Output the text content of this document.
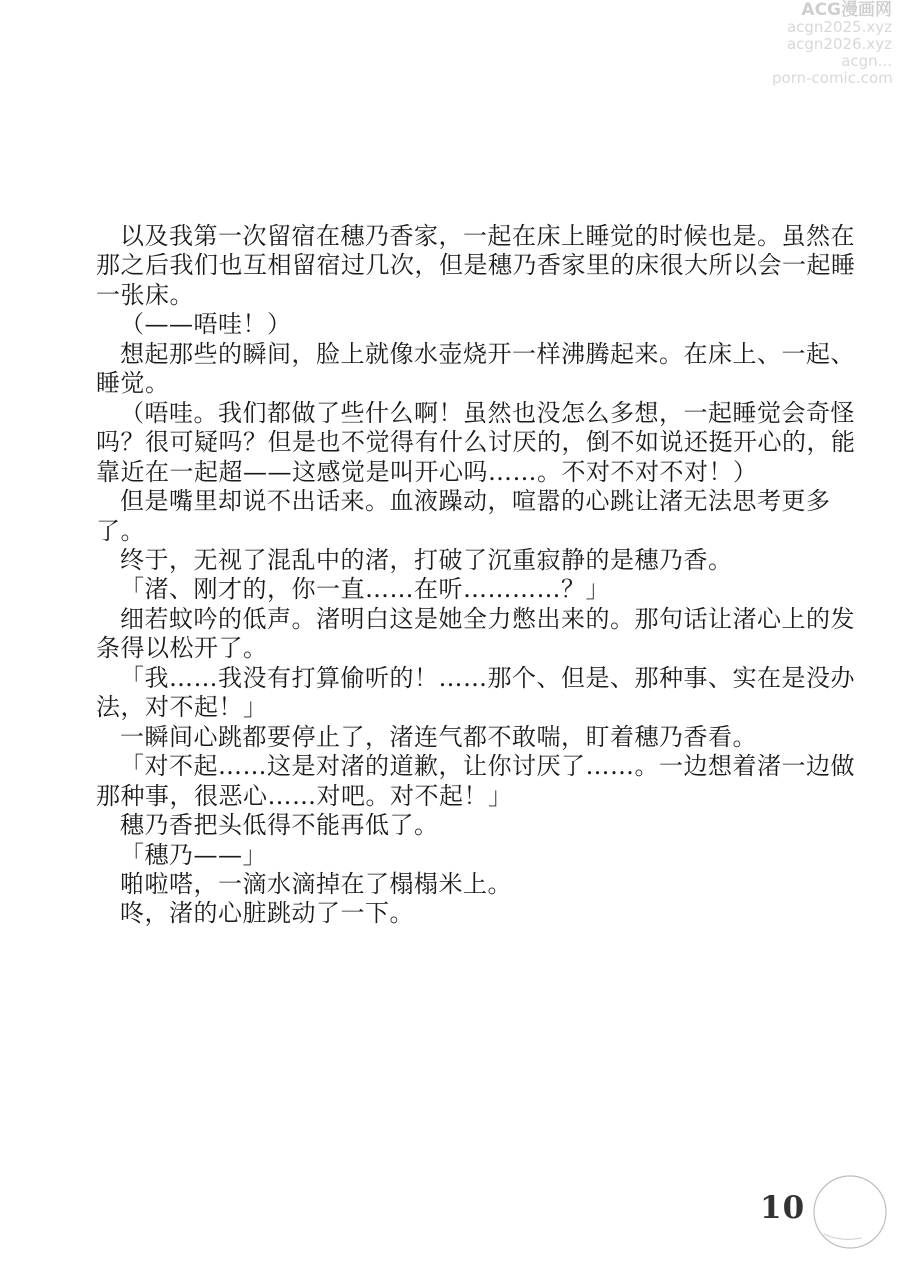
ACG漫画网
acgn2025.xyz
acgn2026.xyz
acgn...
porn-comic.com

以及我第一次留宿在穗乃香家，一起在床上睡觉的时候也是。虽然在那之后我们也互相留宿过几次，但是穗乃香家里的床很大所以会一起睡一张床。

（——唔哇！）

想起那些的瞬间，脸上就像水壶烧开一样沸腾起来。在床上、一起、睡觉。

（唔哇。我们都做了些什么啊！虽然也没怎么多想，一起睡觉会奇怪吗？很可疑吗？但是也不觉得有什么讨厌的，倒不如说还挺开心的，能靠近在一起超——这感觉是叫开心吗……。不对不对不对！）

但是嘴里却说不出话来。血液躁动，喧嚣的心跳让渚无法思考更多了。

终于，无视了混乱中的渚，打破了沉重寂静的是穗乃香。

「渚、刚才的，你一直……在听…………？」

细若蚊吟的低声。渚明白这是她全力憋出来的。那句话让渚心上的发条得以松开了。

「我……我没有打算偷听的！……那个、但是、那种事、实在是没办法，对不起！」

一瞬间心跳都要停止了，渚连气都不敢喘，盯着穗乃香看。

「对不起……这是对渚的道歉，让你讨厌了……。一边想着渚一边做那种事，很恶心……对吧。对不起！」

穗乃香把头低得不能再低了。

「穗乃——」

啪啦嗒，一滴水滴掉在了榻榻米上。

咚，渚的心脏跳动了一下。

10
